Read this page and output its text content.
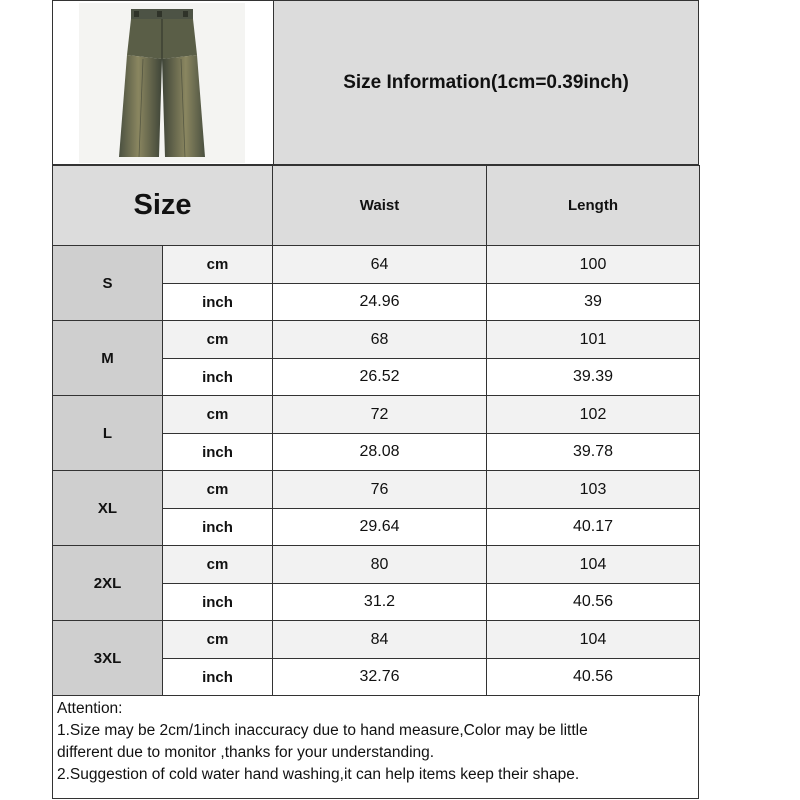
Size Information(1cm=0.39inch)
Size		Waist	Length
S	cm	64	100
	inch	24.96	39
M	cm	68	101
	inch	26.52	39.39
L	cm	72	102
	inch	28.08	39.78
XL	cm	76	103
	inch	29.64	40.17
2XL	cm	80	104
	inch	31.2	40.56
3XL	cm	84	104
	inch	32.76	40.56

Attention:

1.Size may be 2cm/1inch inaccuracy due to hand measure,Color may be little

different due to monitor ,thanks for your understanding.

2.Suggestion of cold water hand washing,it can help items keep their shape.
